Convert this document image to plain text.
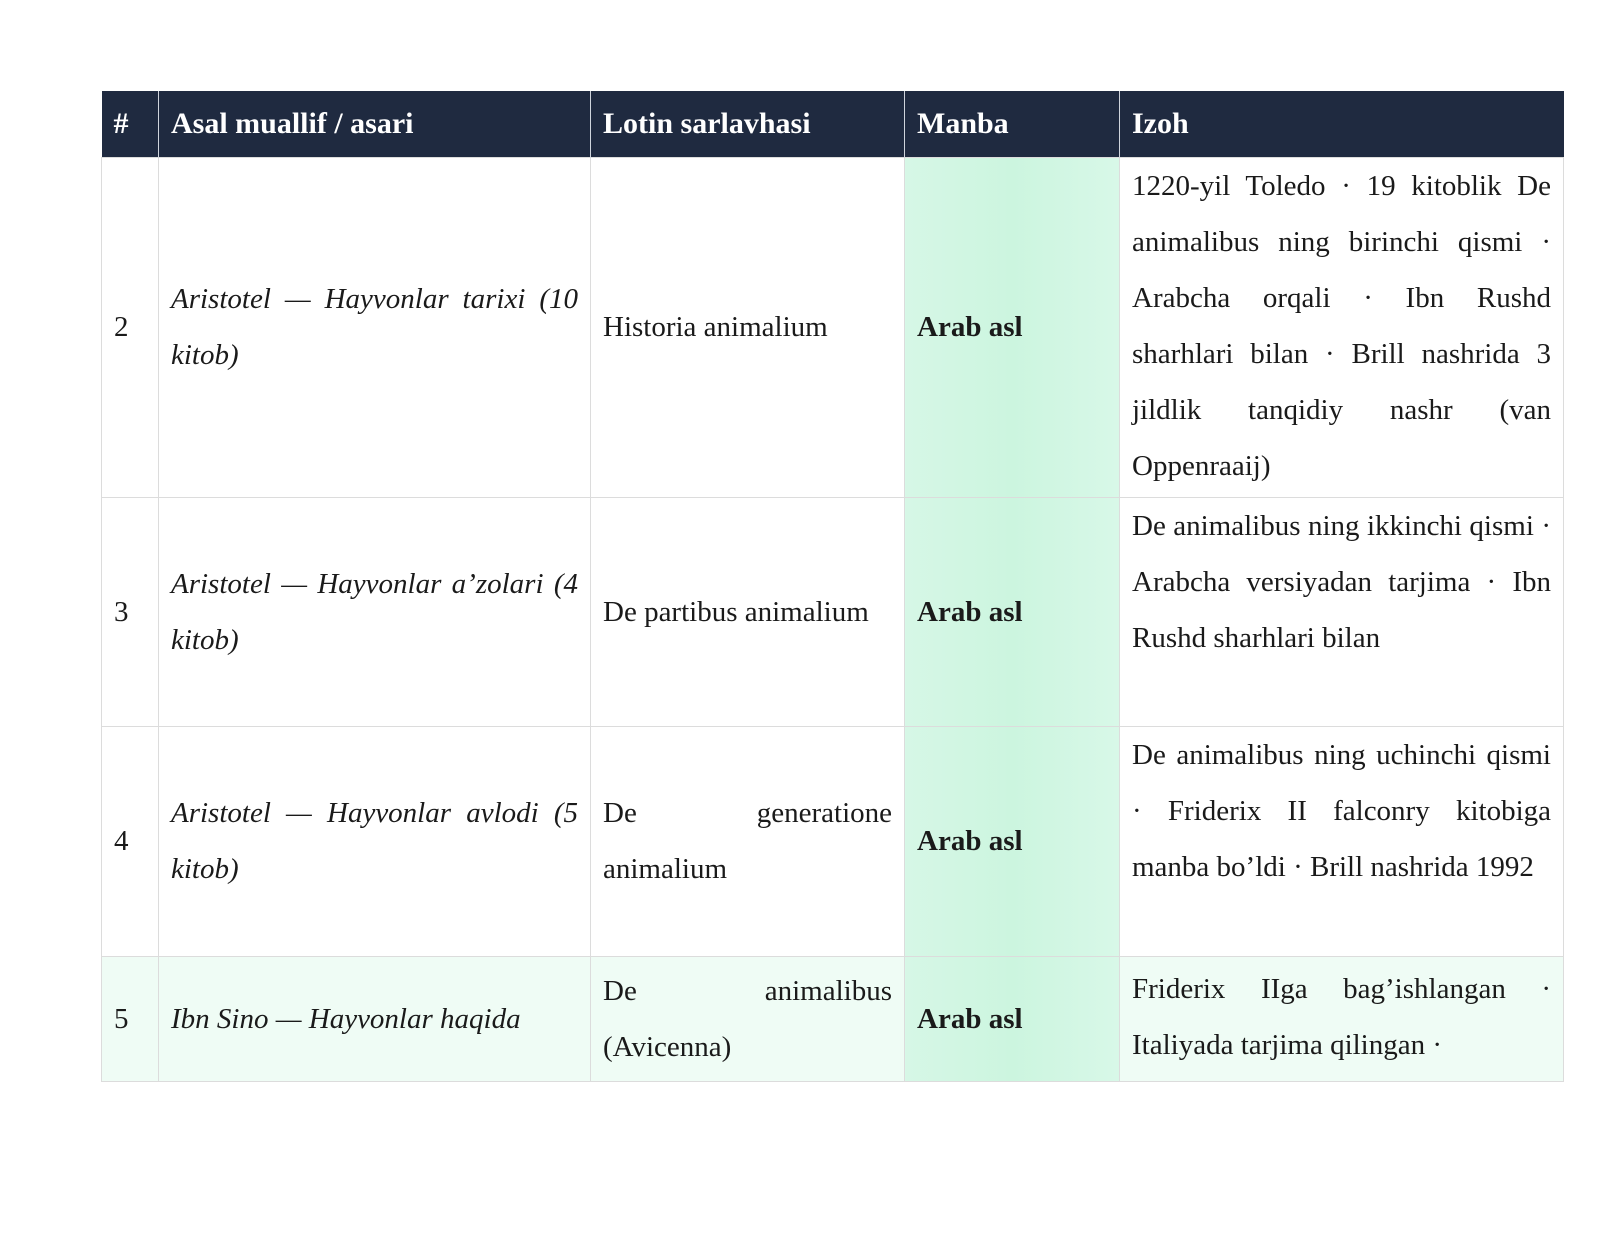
#	Asal muallif / asari	Lotin sarlavhasi	Manba	Izoh
2	Aristotel — Hayvonlar tarixi (10 kitob)	Historia animalium	Arab asl	1220-yil Toledo · 19 kitoblik De animalibus ning birinchi qismi · Arabcha orqali · Ibn Rushd sharhlari bilan · Brill nashrida 3 jildlik tanqidiy nashr (van Oppenraaij)
3	Aristotel — Hayvonlar a’zolari (4 kitob)	De partibus animalium	Arab asl	De animalibus ning ikkinchi qismi · Arabcha versiyadan tarjima · Ibn Rushd sharhlari bilan
4	Aristotel — Hayvonlar avlodi (5 kitob)	De generatione animalium	Arab asl	De animalibus ning uchinchi qismi · Friderix II falconry kitobiga manba bo’ldi · Brill nashrida 1992
5	Ibn Sino — Hayvonlar haqida	De animalibus (Avicenna)	Arab asl	Friderix IIga bag’ishlangan · Italiyada tarjima qilingan ·
